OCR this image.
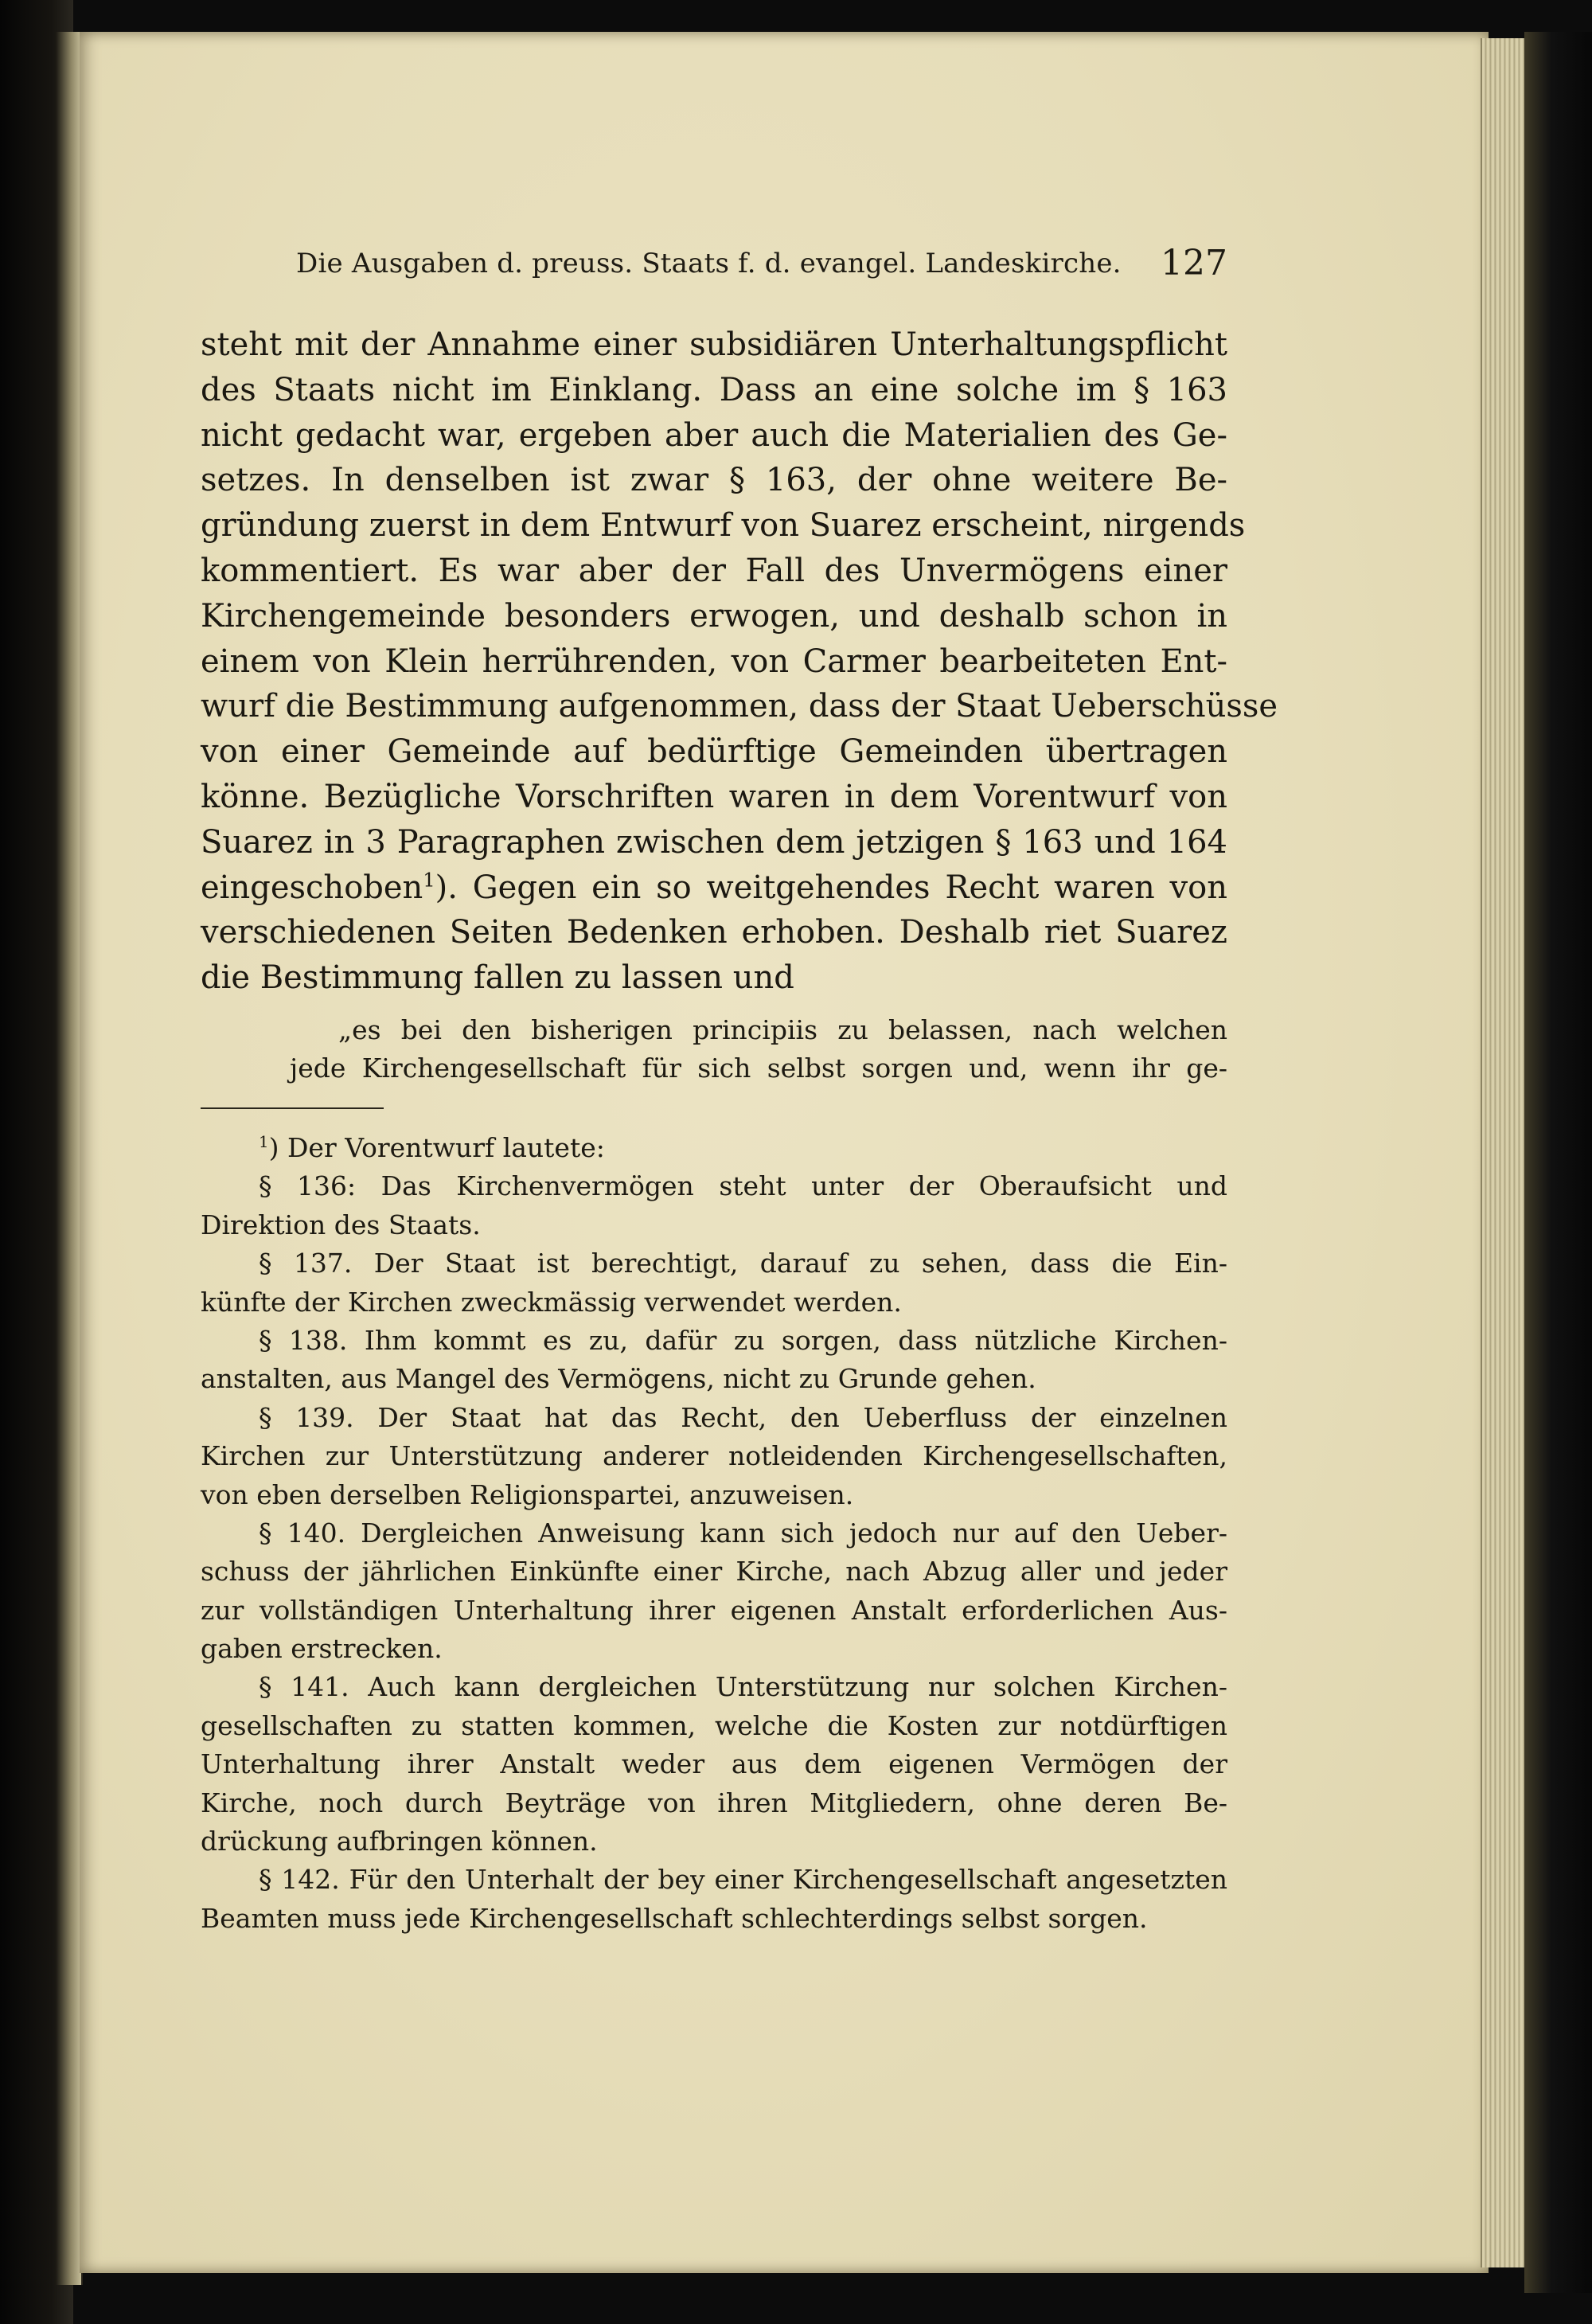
Die Ausgaben d. preuss. Staats f. d. evangel. Landeskirche. 127
steht mit der Annahme einer subsidiären Unterhaltungspflicht
des Staats nicht im Einklang. Dass an eine solche im § 163
nicht gedacht war, ergeben aber auch die Materialien des Ge-
setzes. In denselben ist zwar § 163, der ohne weitere Be-
gründung zuerst in dem Entwurf von Suarez erscheint, nirgends
kommentiert. Es war aber der Fall des Unvermögens einer
Kirchengemeinde besonders erwogen, und deshalb schon in
einem von Klein herrührenden, von Carmer bearbeiteten Ent-
wurf die Bestimmung aufgenommen, dass der Staat Ueberschüsse
von einer Gemeinde auf bedürftige Gemeinden übertragen
könne. Bezügliche Vorschriften waren in dem Vorentwurf von
Suarez in 3 Paragraphen zwischen dem jetzigen § 163 und 164
eingeschoben$^1$). Gegen ein so weitgehendes Recht waren von
verschiedenen Seiten Bedenken erhoben. Deshalb riet Suarez
die Bestimmung fallen zu lassen und
„es bei den bisherigen principiis zu belassen, nach welchen
jede Kirchengesellschaft für sich selbst sorgen und, wenn ihr ge-
$^1$) Der Vorentwurf lautete:
§ 136: Das Kirchenvermögen steht unter der Oberaufsicht und
Direktion des Staats.
§ 137. Der Staat ist berechtigt, darauf zu sehen, dass die Ein-
künfte der Kirchen zweckmässig verwendet werden.
§ 138. Ihm kommt es zu, dafür zu sorgen, dass nützliche Kirchen-
anstalten, aus Mangel des Vermögens, nicht zu Grunde gehen.
§ 139. Der Staat hat das Recht, den Ueberfluss der einzelnen
Kirchen zur Unterstützung anderer notleidenden Kirchengesellschaften,
von eben derselben Religionspartei, anzuweisen.
§ 140. Dergleichen Anweisung kann sich jedoch nur auf den Ueber-
schuss der jährlichen Einkünfte einer Kirche, nach Abzug aller und jeder
zur vollständigen Unterhaltung ihrer eigenen Anstalt erforderlichen Aus-
gaben erstrecken.
§ 141. Auch kann dergleichen Unterstützung nur solchen Kirchen-
gesellschaften zu statten kommen, welche die Kosten zur notdürftigen
Unterhaltung ihrer Anstalt weder aus dem eigenen Vermögen der
Kirche, noch durch Beyträge von ihren Mitgliedern, ohne deren Be-
drückung aufbringen können.
§ 142. Für den Unterhalt der bey einer Kirchengesellschaft angesetzten
Beamten muss jede Kirchengesellschaft schlechterdings selbst sorgen.
